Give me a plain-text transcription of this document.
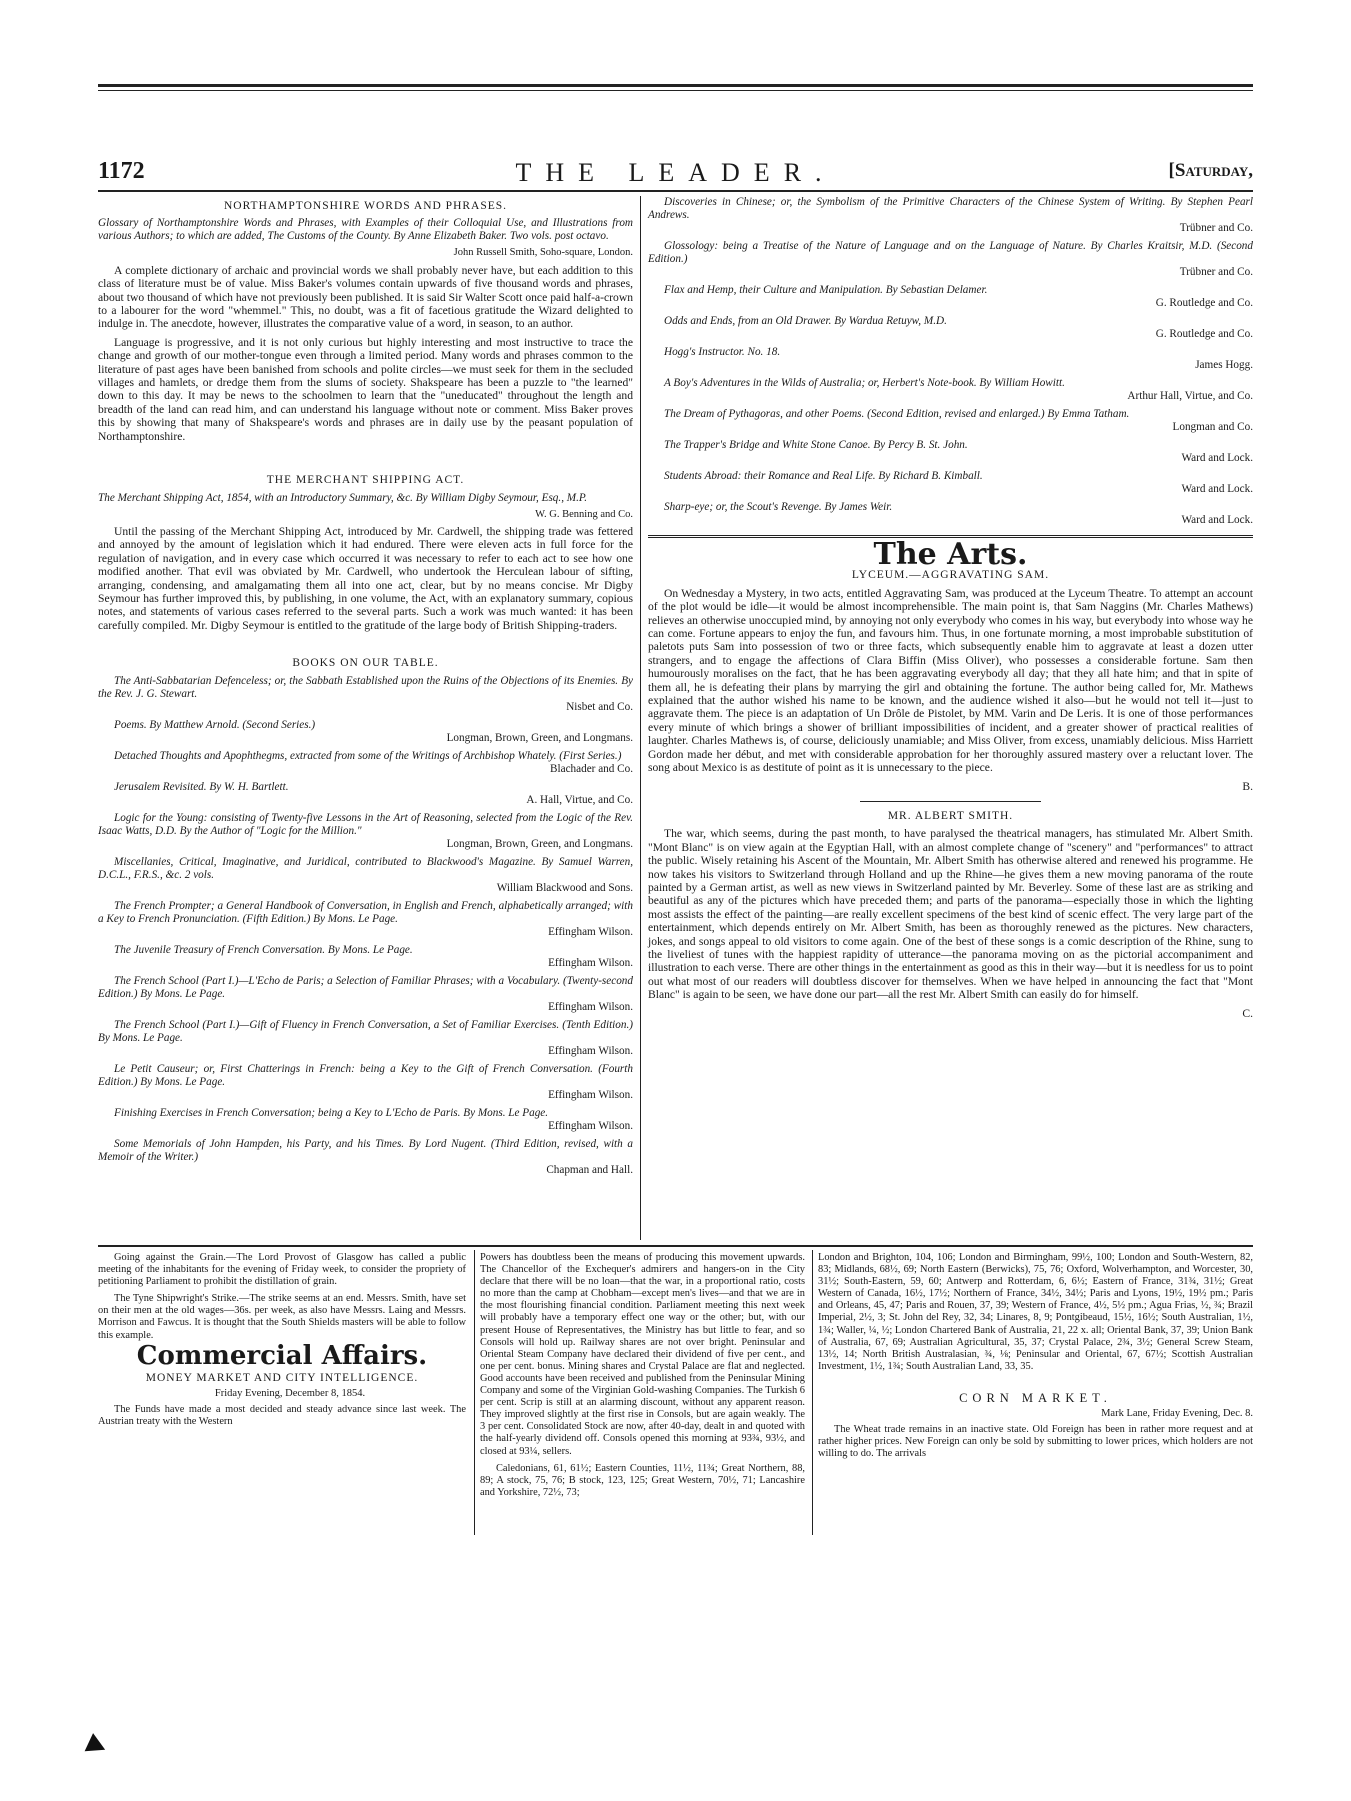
1172	THE LEADER.	[Saturday,
NORTHAMPTONSHIRE WORDS AND PHRASES.

Glossary of Northamptonshire Words and Phrases, with Examples of their Colloquial Use, and Illustrations from various Authors; to which are added, The Customs of the County. By Anne Elizabeth Baker. Two vols. post octavo.

John Russell Smith, Soho-square, London.

A complete dictionary of archaic and provincial words we shall probably never have, but each addition to this class of literature must be of value. Miss Baker's volumes contain upwards of five thousand words and phrases, about two thousand of which have not previously been published. It is said Sir Walter Scott once paid half-a-crown to a labourer for the word "whemmel." This, no doubt, was a fit of facetious gratitude the Wizard delighted to indulge in. The anecdote, however, illustrates the comparative value of a word, in season, to an author.

Language is progressive, and it is not only curious but highly interesting and most instructive to trace the change and growth of our mother-tongue even through a limited period. Many words and phrases common to the literature of past ages have been banished from schools and polite circles—we must seek for them in the secluded villages and hamlets, or dredge them from the slums of society. Shakspeare has been a puzzle to "the learned" down to this day. It may be news to the schoolmen to learn that the "uneducated" throughout the length and breadth of the land can read him, and can understand his language without note or comment. Miss Baker proves this by showing that many of Shakspeare's words and phrases are in daily use by the peasant population of Northamptonshire.

THE MERCHANT SHIPPING ACT.

The Merchant Shipping Act, 1854, with an Introductory Summary, &c. By William Digby Seymour, Esq., M.P.

W. G. Benning and Co.

Until the passing of the Merchant Shipping Act, introduced by Mr. Cardwell, the shipping trade was fettered and annoyed by the amount of legislation which it had endured. There were eleven acts in full force for the regulation of navigation, and in every case which occurred it was necessary to refer to each act to see how one modified another. That evil was obviated by Mr. Cardwell, who undertook the Herculean labour of sifting, arranging, condensing, and amalgamating them all into one act, clear, but by no means concise. Mr Digby Seymour has further improved this, by publishing, in one volume, the Act, with an explanatory summary, copious notes, and statements of various cases referred to the several parts. Such a work was much wanted: it has been carefully compiled. Mr. Digby Seymour is entitled to the gratitude of the large body of British Shipping-traders.

BOOKS ON OUR TABLE.

The Anti-Sabbatarian Defenceless; or, the Sabbath Established upon the Ruins of the Objections of its Enemies. By the Rev. J. G. Stewart.
Nisbet and Co.

Poems. By Matthew Arnold. (Second Series.)
Longman, Brown, Green, and Longmans.

Detached Thoughts and Apophthegms, extracted from some of the Writings of Archbishop Whately. (First Series.)
Blachader and Co.

Jerusalem Revisited. By W. H. Bartlett.
A. Hall, Virtue, and Co.

Logic for the Young: consisting of Twenty-five Lessons in the Art of Reasoning, selected from the Logic of the Rev. Isaac Watts, D.D. By the Author of "Logic for the Million."
Longman, Brown, Green, and Longmans.

Miscellanies, Critical, Imaginative, and Juridical, contributed to Blackwood's Magazine. By Samuel Warren, D.C.L., F.R.S., &c. 2 vols.
William Blackwood and Sons.

The French Prompter; a General Handbook of Conversation, in English and French, alphabetically arranged; with a Key to French Pronunciation. (Fifth Edition.) By Mons. Le Page.
Effingham Wilson.

The Juvenile Treasury of French Conversation. By Mons. Le Page.
Effingham Wilson.

The French School (Part I.)—L'Echo de Paris; a Selection of Familiar Phrases; with a Vocabulary. (Twenty-second Edition.) By Mons. Le Page.
Effingham Wilson.

The French School (Part I.)—Gift of Fluency in French Conversation, a Set of Familiar Exercises. (Tenth Edition.) By Mons. Le Page.
Effingham Wilson.

Le Petit Causeur; or, First Chatterings in French: being a Key to the Gift of French Conversation. (Fourth Edition.) By Mons. Le Page.
Effingham Wilson.

Finishing Exercises in French Conversation; being a Key to L'Echo de Paris. By Mons. Le Page.
Effingham Wilson.

Some Memorials of John Hampden, his Party, and his Times. By Lord Nugent. (Third Edition, revised, with a Memoir of the Writer.)
Chapman and Hall.

Discoveries in Chinese; or, the Symbolism of the Primitive Characters of the Chinese System of Writing. By Stephen Pearl Andrews.
Trübner and Co.

Glossology: being a Treatise of the Nature of Language and on the Language of Nature. By Charles Kraitsir, M.D. (Second Edition.)
Trübner and Co.

Flax and Hemp, their Culture and Manipulation. By Sebastian Delamer.
G. Routledge and Co.

Odds and Ends, from an Old Drawer. By Wardua Retuyw, M.D.
G. Routledge and Co.

Hogg's Instructor. No. 18.
James Hogg.

A Boy's Adventures in the Wilds of Australia; or, Herbert's Note-book. By William Howitt.
Arthur Hall, Virtue, and Co.

The Dream of Pythagoras, and other Poems. (Second Edition, revised and enlarged.) By Emma Tatham.
Longman and Co.

The Trapper's Bridge and White Stone Canoe. By Percy B. St. John.
Ward and Lock.

Students Abroad: their Romance and Real Life. By Richard B. Kimball.
Ward and Lock.

Sharp-eye; or, the Scout's Revenge. By James Weir.
Ward and Lock.

The Arts.
LYCEUM.—AGGRAVATING SAM.

On Wednesday a Mystery, in two acts, entitled Aggravating Sam, was produced at the Lyceum Theatre. To attempt an account of the plot would be idle—it would be almost incomprehensible. The main point is, that Sam Naggins (Mr. Charles Mathews) relieves an otherwise unoccupied mind, by annoying not only everybody who comes in his way, but everybody into whose way he can come. Fortune appears to enjoy the fun, and favours him. Thus, in one fortunate morning, a most improbable substitution of paletots puts Sam into possession of two or three facts, which subsequently enable him to aggravate at least a dozen utter strangers, and to engage the affections of Clara Biffin (Miss Oliver), who possesses a considerable fortune. Sam then humourously moralises on the fact, that he has been aggravating everybody all day; that they all hate him; and that in spite of them all, he is defeating their plans by marrying the girl and obtaining the fortune. The author being called for, Mr. Mathews explained that the author wished his name to be known, and the audience wished it also—but he would not tell it—just to aggravate them. The piece is an adaptation of Un Drôle de Pistolet, by MM. Varin and De Leris. It is one of those performances every minute of which brings a shower of brilliant impossibilities of incident, and a greater shower of practical realities of laughter. Charles Mathews is, of course, deliciously unamiable; and Miss Oliver, from excess, unamiably delicious. Miss Harriett Gordon made her début, and met with considerable approbation for her thoroughly assured mastery over a reluctant lover. The song about Mexico is as destitute of point as it is unnecessary to the piece.

B.

MR. ALBERT SMITH.

The war, which seems, during the past month, to have paralysed the theatrical managers, has stimulated Mr. Albert Smith. "Mont Blanc" is on view again at the Egyptian Hall, with an almost complete change of "scenery" and "performances" to attract the public. Wisely retaining his Ascent of the Mountain, Mr. Albert Smith has otherwise altered and renewed his programme. He now takes his visitors to Switzerland through Holland and up the Rhine—he gives them a new moving panorama of the route painted by a German artist, as well as new views in Switzerland painted by Mr. Beverley. Some of these last are as striking and beautiful as any of the pictures which have preceded them; and parts of the panorama—especially those in which the lighting most assists the effect of the painting—are really excellent specimens of the best kind of scenic effect. The very large part of the entertainment, which depends entirely on Mr. Albert Smith, has been as thoroughly renewed as the pictures. New characters, jokes, and songs appeal to old visitors to come again. One of the best of these songs is a comic description of the Rhine, sung to the liveliest of tunes with the happiest rapidity of utterance—the panorama moving on as the pictorial accompaniment and illustration to each verse. There are other things in the entertainment as good as this in their way—but it is needless for us to point out what most of our readers will doubtless discover for themselves. When we have helped in announcing the fact that "Mont Blanc" is again to be seen, we have done our part—all the rest Mr. Albert Smith can easily do for himself.

C.

Going against the Grain.—The Lord Provost of Glasgow has called a public meeting of the inhabitants for the evening of Friday week, to consider the propriety of petitioning Parliament to prohibit the distillation of grain.

The Tyne Shipwright's Strike.—The strike seems at an end. Messrs. Smith, have set on their men at the old wages—36s. per week, as also have Messrs. Laing and Messrs. Morrison and Fawcus. It is thought that the South Shields masters will be able to follow this example.

Commercial Affairs.
MONEY MARKET AND CITY INTELLIGENCE.

Friday Evening, December 8, 1854.

The Funds have made a most decided and steady advance since last week. The Austrian treaty with the Western

Powers has doubtless been the means of producing this movement upwards. The Chancellor of the Exchequer's admirers and hangers-on in the City declare that there will be no loan—that the war, in a proportional ratio, costs no more than the camp at Chobham—except men's lives—and that we are in the most flourishing financial condition. Parliament meeting this next week will probably have a temporary effect one way or the other; but, with our present House of Representatives, the Ministry has but little to fear, and so Consols will hold up. Railway shares are not over bright. Peninsular and Oriental Steam Company have declared their dividend of five per cent., and one per cent. bonus. Mining shares and Crystal Palace are flat and neglected. Good accounts have been received and published from the Peninsular Mining Company and some of the Virginian Gold-washing Companies. The Turkish 6 per cent. Scrip is still at an alarming discount, without any apparent reason. They improved slightly at the first rise in Consols, but are again weakly. The 3 per cent. Consolidated Stock are now, after 40-day, dealt in and quoted with the half-yearly dividend off. Consols opened this morning at 93¾, 93½, and closed at 93¼, sellers.

Caledonians, 61, 61½; Eastern Counties, 11½, 11¾; Great Northern, 88, 89; A stock, 75, 76; B stock, 123, 125; Great Western, 70½, 71; Lancashire and Yorkshire, 72½, 73;

London and Brighton, 104, 106; London and Birmingham, 99½, 100; London and South-Western, 82, 83; Midlands, 68½, 69; North Eastern (Berwicks), 75, 76; Oxford, Wolverhampton, and Worcester, 30, 31½; South-Eastern, 59, 60; Antwerp and Rotterdam, 6, 6½; Eastern of France, 31¾, 31½; Great Western of Canada, 16½, 17½; Northern of France, 34½, 34½; Paris and Lyons, 19½, 19½ pm.; Paris and Orleans, 45, 47; Paris and Rouen, 37, 39; Western of France, 4½, 5½ pm.; Agua Frias, ½, ¾; Brazil Imperial, 2½, 3; St. John del Rey, 32, 34; Linares, 8, 9; Pontgibeaud, 15½, 16½; South Australian, 1½, 1¾; Waller, ¼, ½; London Chartered Bank of Australia, 21, 22 x. all; Oriental Bank, 37, 39; Union Bank of Australia, 67, 69; Australian Agricultural, 35, 37; Crystal Palace, 2¾, 3½; General Screw Steam, 13½, 14; North British Australasian, ¾, ⅛; Peninsular and Oriental, 67, 67½; Scottish Australian Investment, 1½, 1¾; South Australian Land, 33, 35.

CORN MARKET.

Mark Lane, Friday Evening, Dec. 8.

The Wheat trade remains in an inactive state. Old Foreign has been in rather more request and at rather higher prices. New Foreign can only be sold by submitting to lower prices, which holders are not willing to do. The arrivals
